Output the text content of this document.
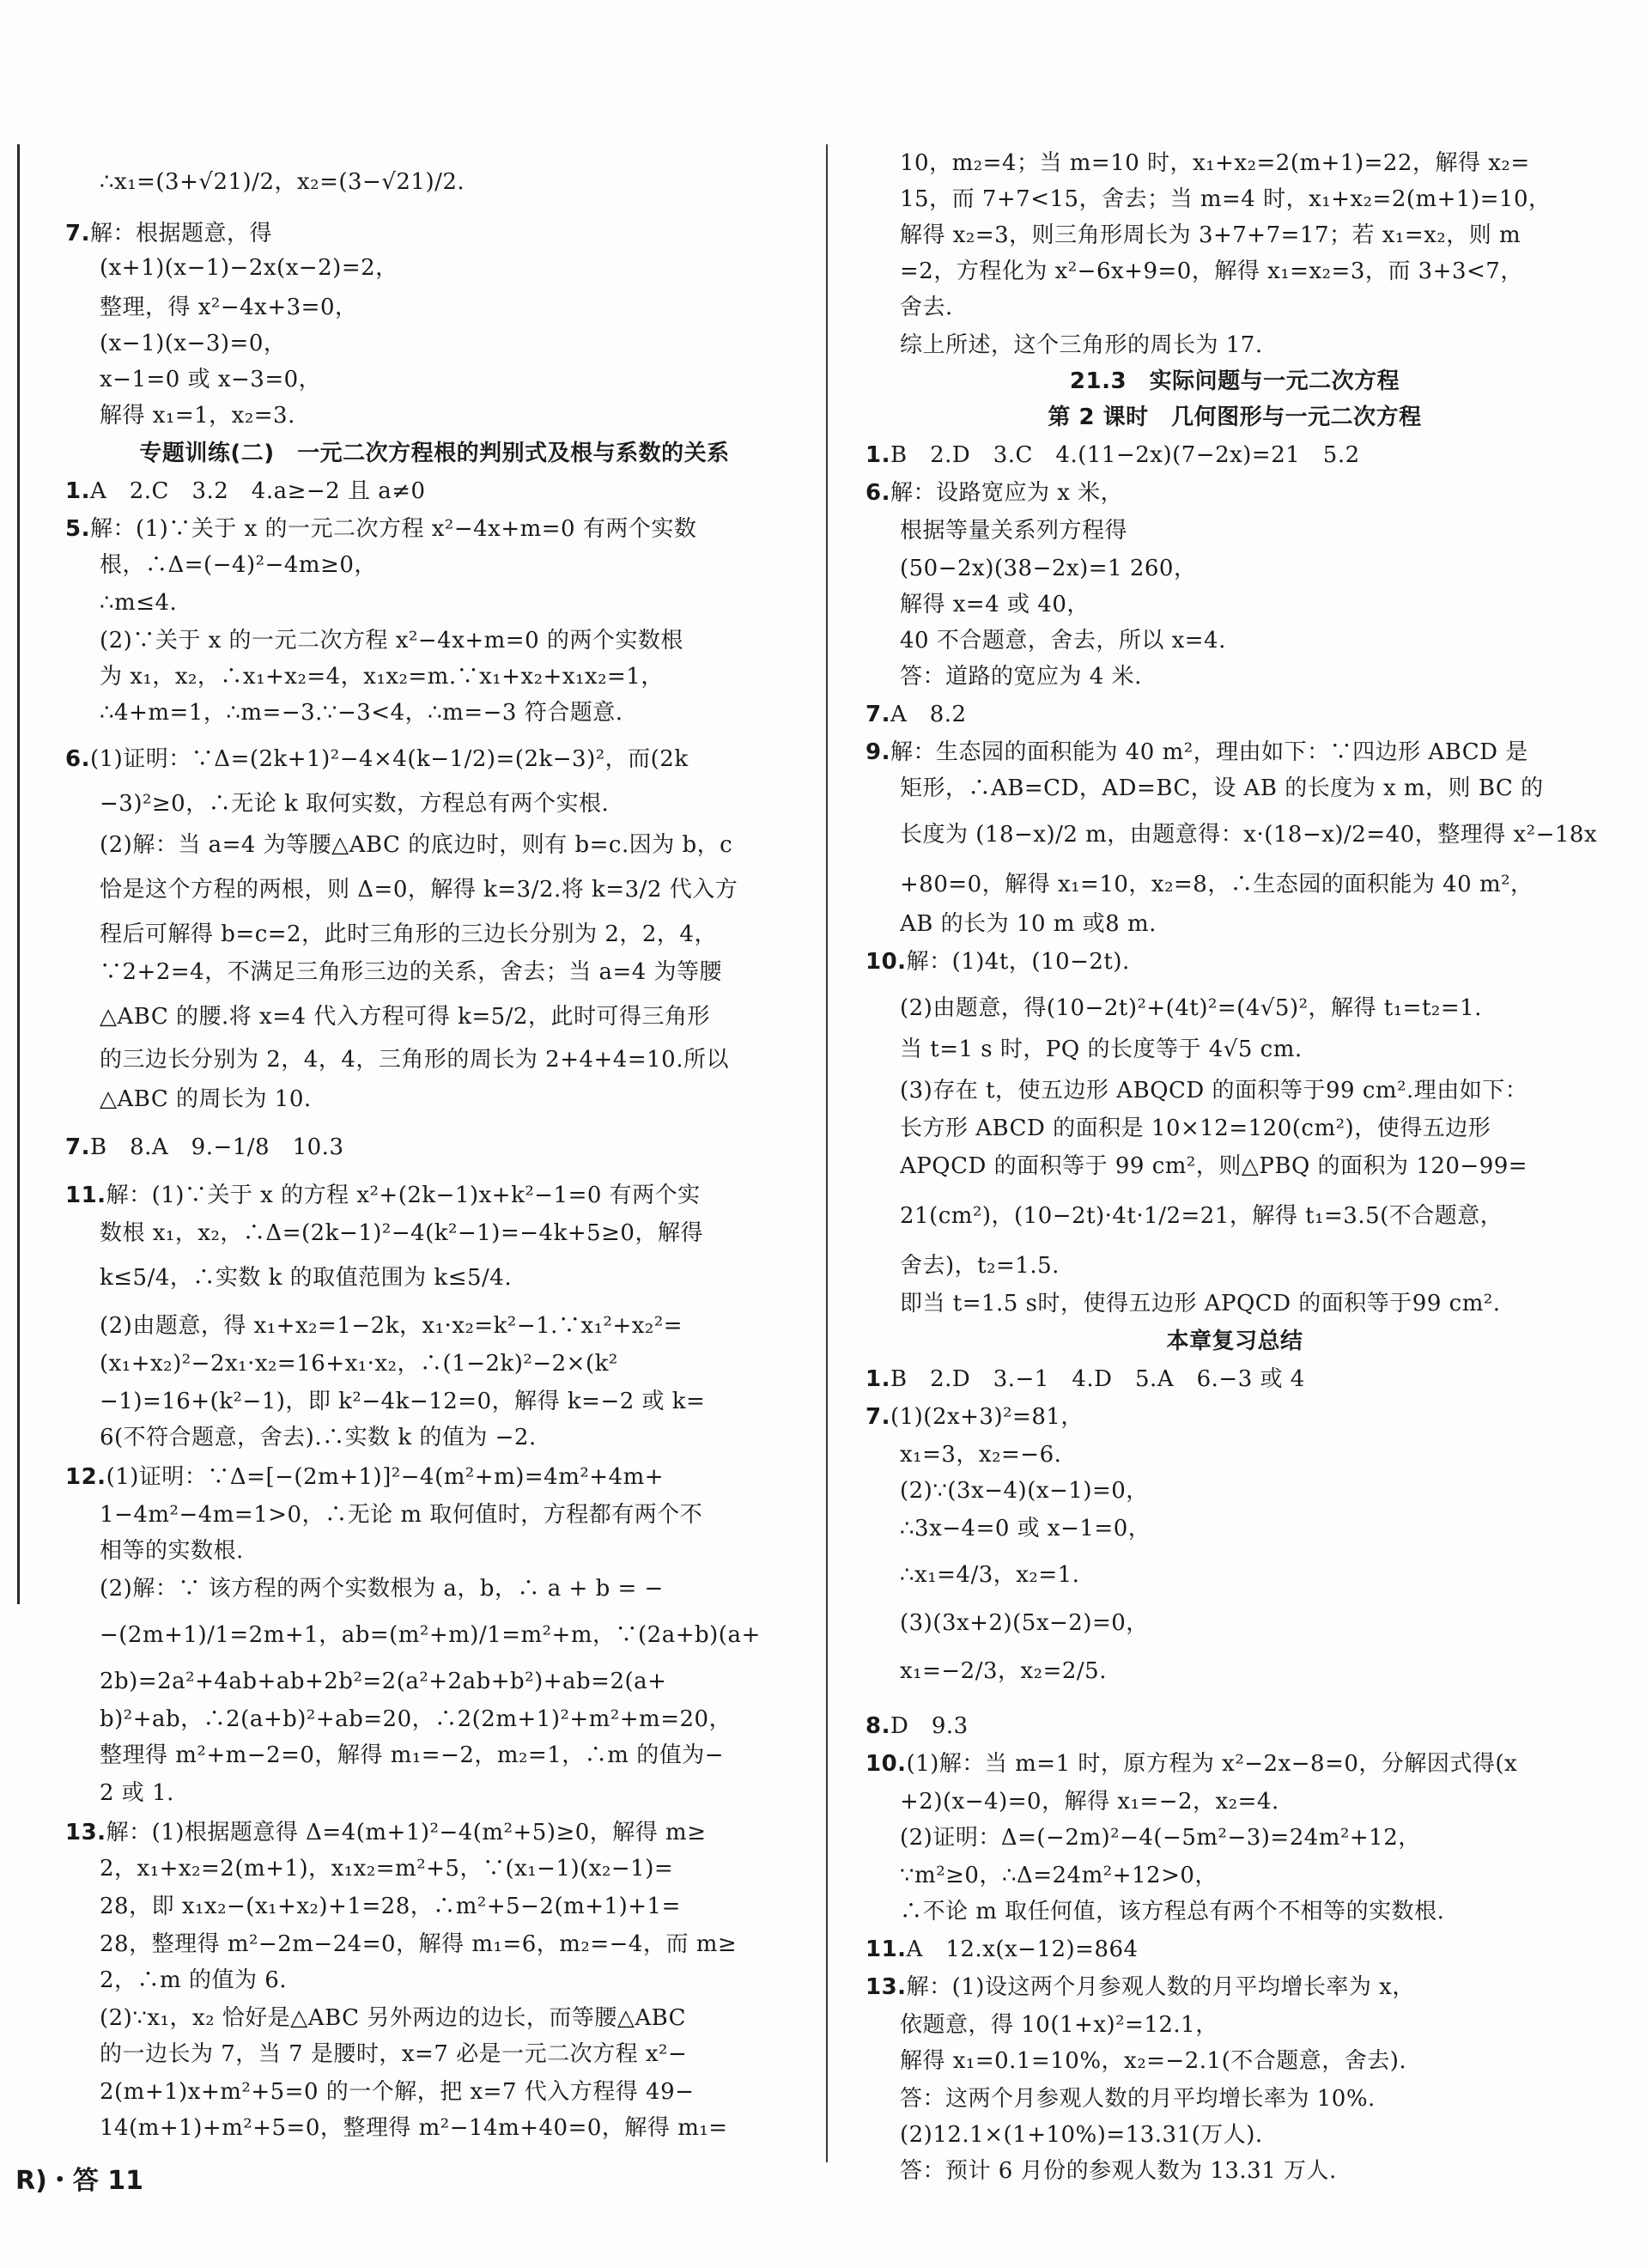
∴x₁=(3+√21)/2，x₂=(3−√21)/2.
7.解：根据题意，得
(x+1)(x−1)−2x(x−2)=2，
整理，得 x²−4x+3=0，
(x−1)(x−3)=0，
x−1=0 或 x−3=0，
解得 x₁=1，x₂=3.
专题训练(二)　一元二次方程根的判别式及根与系数的关系
1.A　2.C　3.2　4.a≥−2 且 a≠0
5.解：(1)∵关于 x 的一元二次方程 x²−4x+m=0 有两个实数
根，∴Δ=(−4)²−4m≥0，
∴m≤4.
(2)∵关于 x 的一元二次方程 x²−4x+m=0 的两个实数根
为 x₁，x₂，∴x₁+x₂=4，x₁x₂=m.∵x₁+x₂+x₁x₂=1，
∴4+m=1，∴m=−3.∵−3<4，∴m=−3 符合题意.
6.(1)证明：∵Δ=(2k+1)²−4×4(k−1/2)=(2k−3)²，而(2k
−3)²≥0，∴无论 k 取何实数，方程总有两个实根.
(2)解：当 a=4 为等腰△ABC 的底边时，则有 b=c.因为 b，c
恰是这个方程的两根，则 Δ=0，解得 k=3/2.将 k=3/2 代入方
程后可解得 b=c=2，此时三角形的三边长分别为 2，2，4，
∵2+2=4，不满足三角形三边的关系，舍去；当 a=4 为等腰
△ABC 的腰.将 x=4 代入方程可得 k=5/2，此时可得三角形
的三边长分别为 2，4，4，三角形的周长为 2+4+4=10.所以
△ABC 的周长为 10.
7.B　8.A　9.−1/8　10.3
11.解：(1)∵关于 x 的方程 x²+(2k−1)x+k²−1=0 有两个实
数根 x₁，x₂，∴Δ=(2k−1)²−4(k²−1)=−4k+5≥0，解得
k≤5/4，∴实数 k 的取值范围为 k≤5/4.
(2)由题意，得 x₁+x₂=1−2k，x₁·x₂=k²−1.∵x₁²+x₂²=
(x₁+x₂)²−2x₁·x₂=16+x₁·x₂，∴(1−2k)²−2×(k²
−1)=16+(k²−1)，即 k²−4k−12=0，解得 k=−2 或 k=
6(不符合题意，舍去).∴实数 k 的值为 −2.
12.(1)证明：∵Δ=[−(2m+1)]²−4(m²+m)=4m²+4m+
1−4m²−4m=1>0，∴无论 m 取何值时，方程都有两个不
相等的实数根.
(2)解：∵ 该方程的两个实数根为 a，b，∴ a + b = −
−(2m+1)/1=2m+1，ab=(m²+m)/1=m²+m，∵(2a+b)(a+
2b)=2a²+4ab+ab+2b²=2(a²+2ab+b²)+ab=2(a+
b)²+ab，∴2(a+b)²+ab=20，∴2(2m+1)²+m²+m=20，
整理得 m²+m−2=0，解得 m₁=−2，m₂=1，∴m 的值为−
2 或 1.
13.解：(1)根据题意得 Δ=4(m+1)²−4(m²+5)≥0，解得 m≥
2，x₁+x₂=2(m+1)，x₁x₂=m²+5，∵(x₁−1)(x₂−1)=
28，即 x₁x₂−(x₁+x₂)+1=28，∴m²+5−2(m+1)+1=
28，整理得 m²−2m−24=0，解得 m₁=6，m₂=−4，而 m≥
2，∴m 的值为 6.
(2)∵x₁，x₂ 恰好是△ABC 另外两边的边长，而等腰△ABC
的一边长为 7，当 7 是腰时，x=7 必是一元二次方程 x²−
2(m+1)x+m²+5=0 的一个解，把 x=7 代入方程得 49−
14(m+1)+m²+5=0，整理得 m²−14m+40=0，解得 m₁=
10，m₂=4；当 m=10 时，x₁+x₂=2(m+1)=22，解得 x₂=
15，而 7+7<15，舍去；当 m=4 时，x₁+x₂=2(m+1)=10，
解得 x₂=3，则三角形周长为 3+7+7=17；若 x₁=x₂，则 m
=2，方程化为 x²−6x+9=0，解得 x₁=x₂=3，而 3+3<7，
舍去.
综上所述，这个三角形的周长为 17.
21.3　实际问题与一元二次方程
第 2 课时　几何图形与一元二次方程
1.B　2.D　3.C　4.(11−2x)(7−2x)=21　5.2
6.解：设路宽应为 x 米，
根据等量关系列方程得
(50−2x)(38−2x)=1 260，
解得 x=4 或 40，
40 不合题意，舍去，所以 x=4.
答：道路的宽应为 4 米.
7.A　8.2
9.解：生态园的面积能为 40 m²，理由如下：∵四边形 ABCD 是
矩形，∴AB=CD，AD=BC，设 AB 的长度为 x m，则 BC 的
长度为 (18−x)/2 m，由题意得：x·(18−x)/2=40，整理得 x²−18x
+80=0，解得 x₁=10，x₂=8，∴生态园的面积能为 40 m²，
AB 的长为 10 m 或8 m.
10.解：(1)4t，(10−2t).
(2)由题意，得(10−2t)²+(4t)²=(4√5)²，解得 t₁=t₂=1.
当 t=1 s 时，PQ 的长度等于 4√5 cm.
(3)存在 t，使五边形 ABQCD 的面积等于99 cm².理由如下：
长方形 ABCD 的面积是 10×12=120(cm²)，使得五边形
APQCD 的面积等于 99 cm²，则△PBQ 的面积为 120−99=
21(cm²)，(10−2t)·4t·1/2=21，解得 t₁=3.5(不合题意，
舍去)，t₂=1.5.
即当 t=1.5 s时，使得五边形 APQCD 的面积等于99 cm².
本章复习总结
1.B　2.D　3.−1　4.D　5.A　6.−3 或 4
7.(1)(2x+3)²=81，
x₁=3，x₂=−6.
(2)∵(3x−4)(x−1)=0，
∴3x−4=0 或 x−1=0，
∴x₁=4/3，x₂=1.
(3)(3x+2)(5x−2)=0，
x₁=−2/3，x₂=2/5.
8.D　9.3
10.(1)解：当 m=1 时，原方程为 x²−2x−8=0，分解因式得(x
+2)(x−4)=0，解得 x₁=−2，x₂=4.
(2)证明：Δ=(−2m)²−4(−5m²−3)=24m²+12，
∵m²≥0，∴Δ=24m²+12>0，
∴不论 m 取任何值，该方程总有两个不相等的实数根.
11.A　12.x(x−12)=864
13.解：(1)设这两个月参观人数的月平均增长率为 x，
依题意，得 10(1+x)²=12.1，
解得 x₁=0.1=10%，x₂=−2.1(不合题意，舍去).
答：这两个月参观人数的月平均增长率为 10%.
(2)12.1×(1+10%)=13.31(万人).
答：预计 6 月份的参观人数为 13.31 万人.
R)・答 11
